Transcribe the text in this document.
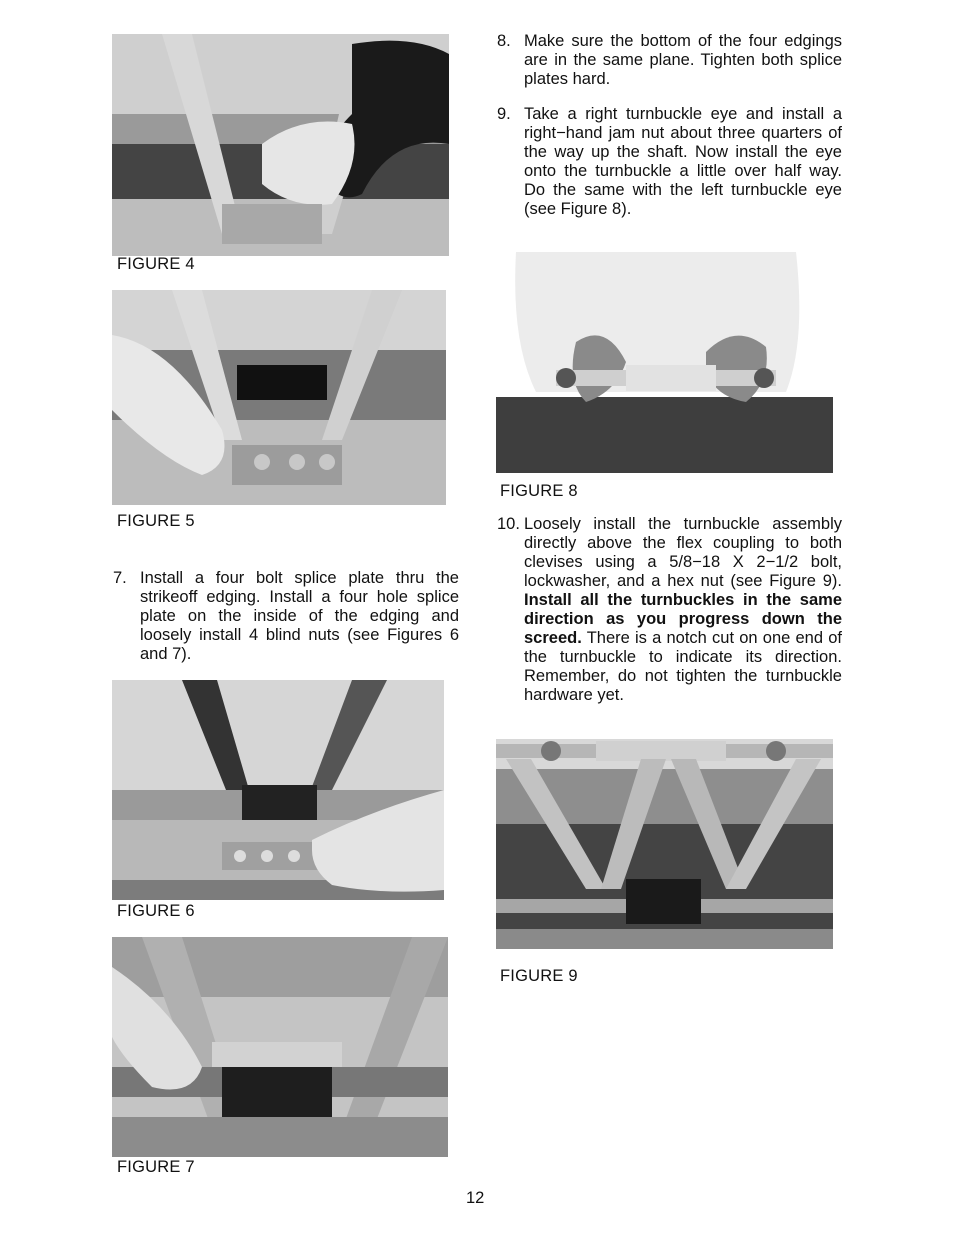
FIGURE 4
FIGURE 5
7. Install a four bolt splice plate thru the strikeoff edging. Install a four hole splice plate on the inside of the edging and loosely install 4 blind nuts (see Figures 6 and 7).
FIGURE 6
FIGURE 7
8. Make sure the bottom of the four edgings are in the same plane. Tighten both splice plates hard.
9. Take a right turnbuckle eye and install a right−hand jam nut about three quarters of the way up the shaft. Now install the eye onto the turnbuckle a little over half way. Do the same with the left turnbuckle eye (see Figure 8).
FIGURE 8
10. Loosely install the turnbuckle assembly directly above the flex coupling to both clevises using a 5/8−18 X 2−1/2 bolt, lockwasher, and a hex nut (see Figure 9). Install all the turnbuckles in the same direction as you progress down the screed. There is a notch cut on one end of the turnbuckle to indicate its direction. Remember, do not tighten the turnbuckle hardware yet.
FIGURE 9
12
